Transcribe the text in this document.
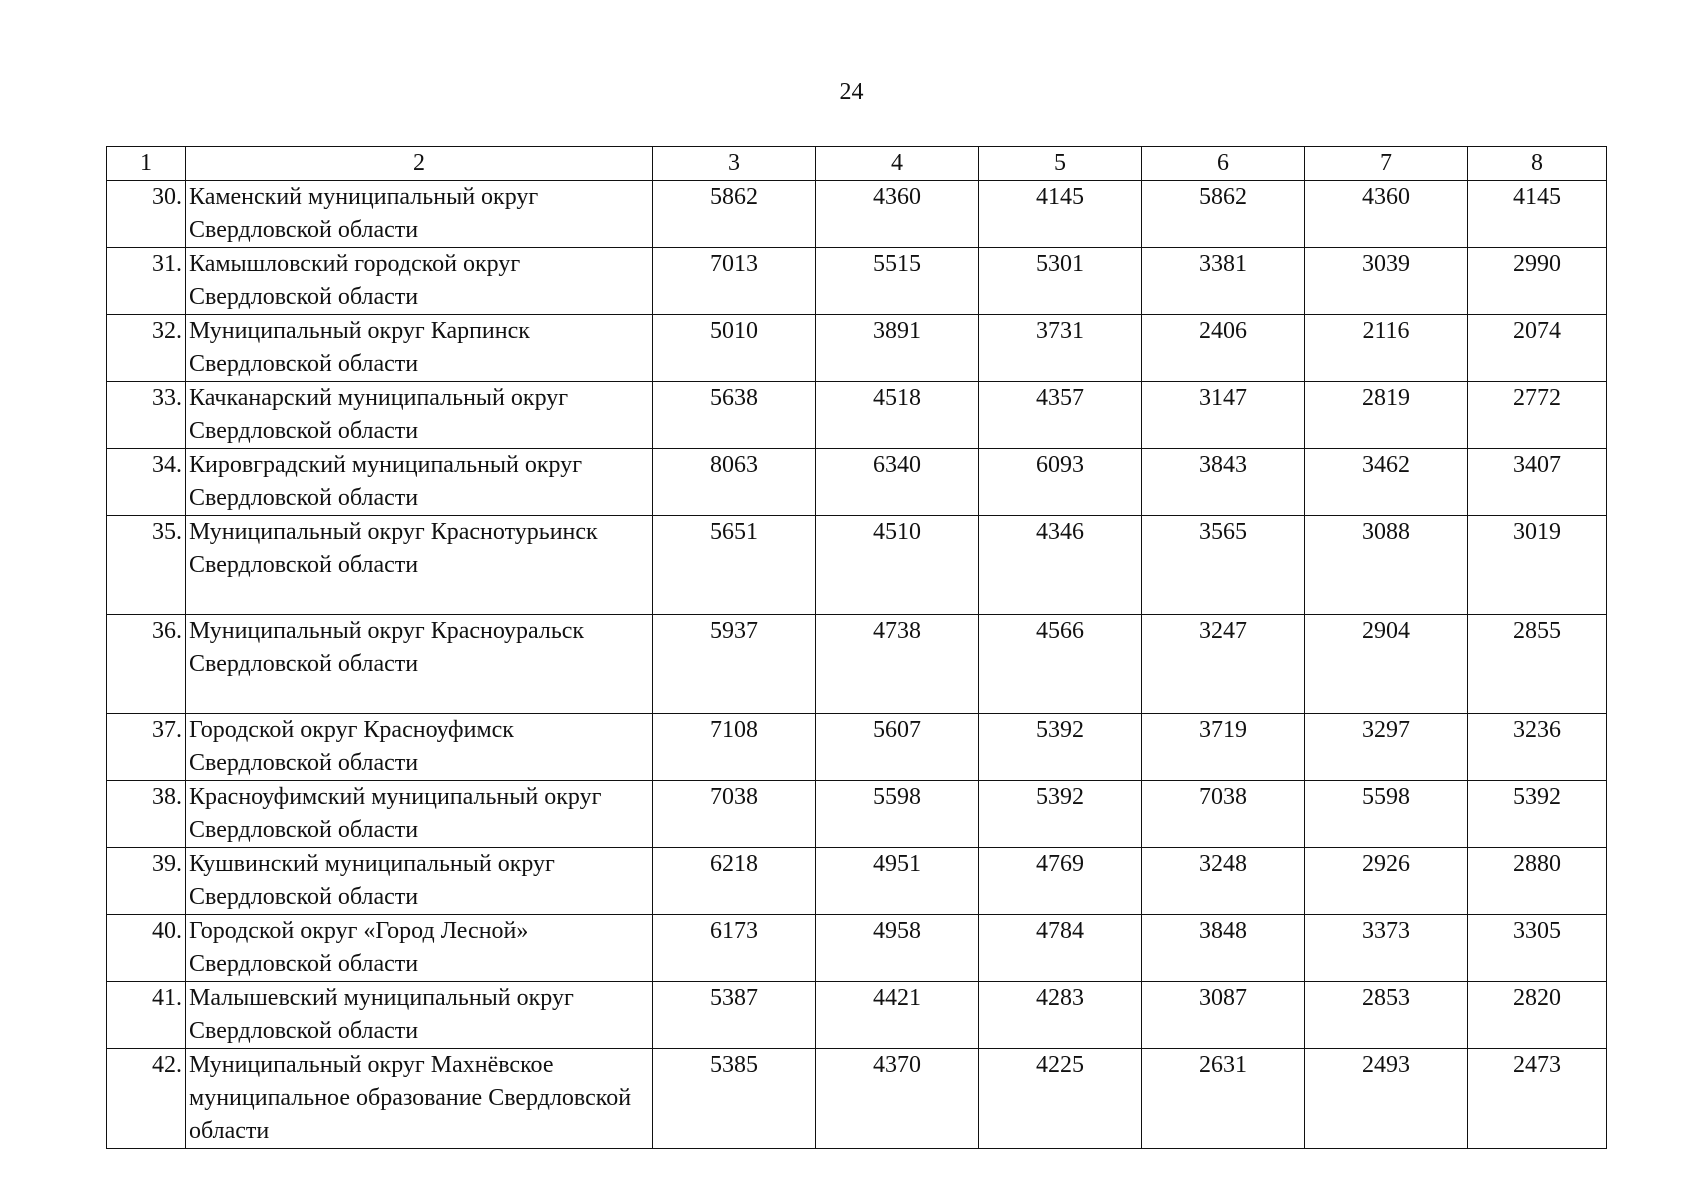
24
1	2	3	4	5	6	7	8
30.	Каменский муниципальный округ Свердловской области	5862	4360	4145	5862	4360	4145
31.	Камышловский городской округ Свердловской области	7013	5515	5301	3381	3039	2990
32.	Муниципальный округ Карпинск Свердловской области	5010	3891	3731	2406	2116	2074
33.	Качканарский муниципальный округ Свердловской области	5638	4518	4357	3147	2819	2772
34.	Кировградский муниципальный округ Свердловской области	8063	6340	6093	3843	3462	3407
35.	Муниципальный округ Краснотурьинск Свердловской области	5651	4510	4346	3565	3088	3019
36.	Муниципальный округ Красноуральск Свердловской области	5937	4738	4566	3247	2904	2855
37.	Городской округ Красноуфимск Свердловской области	7108	5607	5392	3719	3297	3236
38.	Красноуфимский муниципальный округ Свердловской области	7038	5598	5392	7038	5598	5392
39.	Кушвинский муниципальный округ Свердловской области	6218	4951	4769	3248	2926	2880
40.	Городской округ «Город Лесной» Свердловской области	6173	4958	4784	3848	3373	3305
41.	Малышевский муниципальный округ Свердловской области	5387	4421	4283	3087	2853	2820
42.	Муниципальный округ Махнёвское муниципальное образование Свердловской области	5385	4370	4225	2631	2493	2473
